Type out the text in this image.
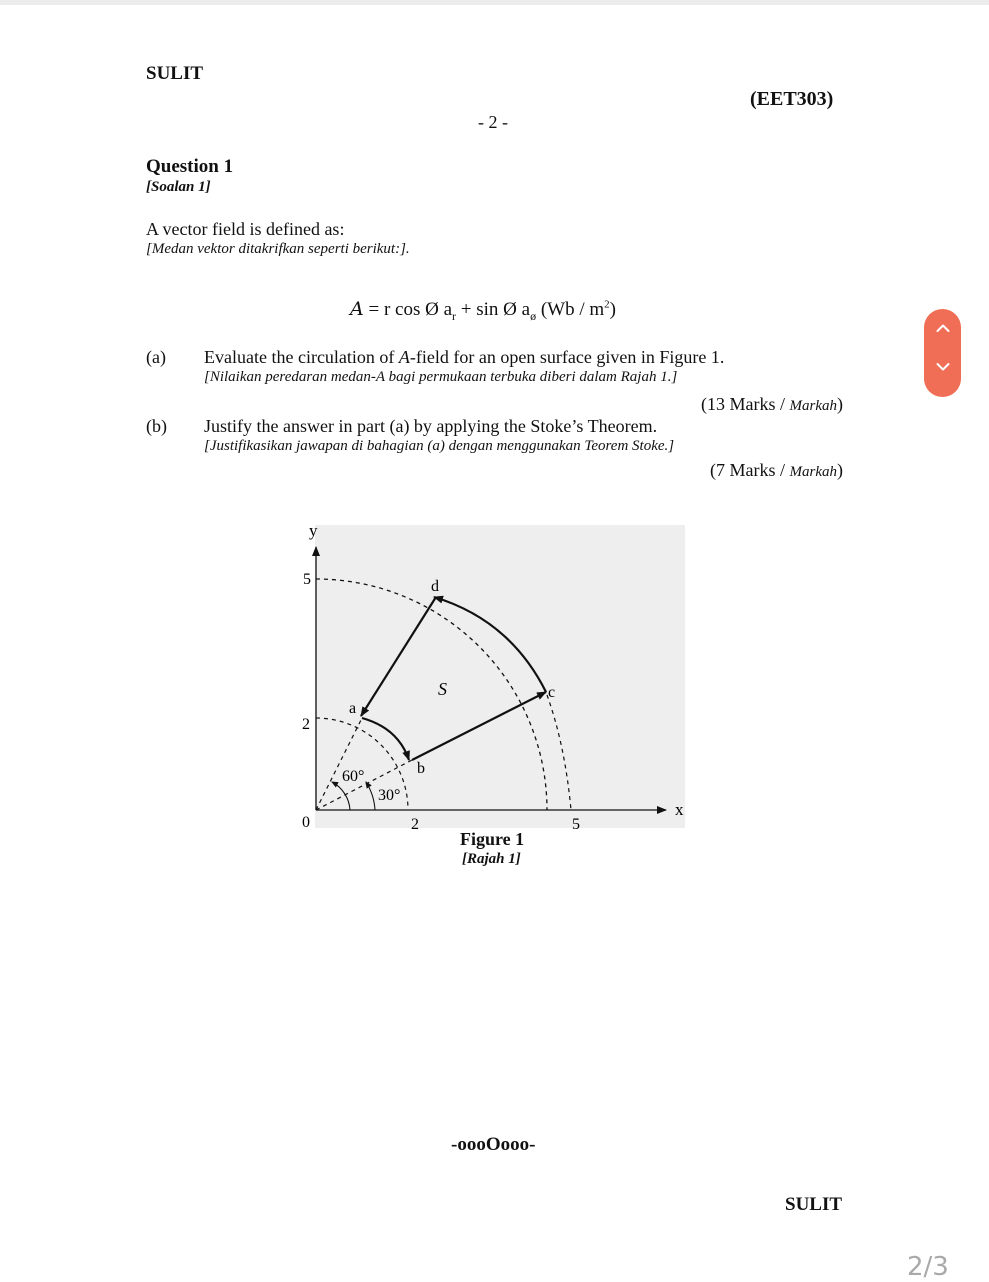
SULIT
(EET303)
- 2 -
Question 1
[Soalan 1]
A vector field is defined as:
[Medan vektor ditakrifkan seperti berikut:].
A = r cos Ø $a_r + \sin$ Ø $a_ø$ $(Wb / m^2)$
(a) Evaluate the circulation of A-field for an open surface given in Figure 1.
[Nilaikan peredaran medan-A bagi permukaan terbuka diberi dalam Rajah 1.]
(13 Marks / Markah)
(b) Justify the answer in part (a) by applying the Stoke’s Theorem.
[Justifikasikan jawapan di bahagian (a) dengan menggunakan Teorem Stoke.]
(7 Marks / Markah)
y
x
0	2	5
5
2
d
c
a
b
S
60°
30°
Figure 1
[Rajah 1]
-oooOooo-
SULIT
2/3
